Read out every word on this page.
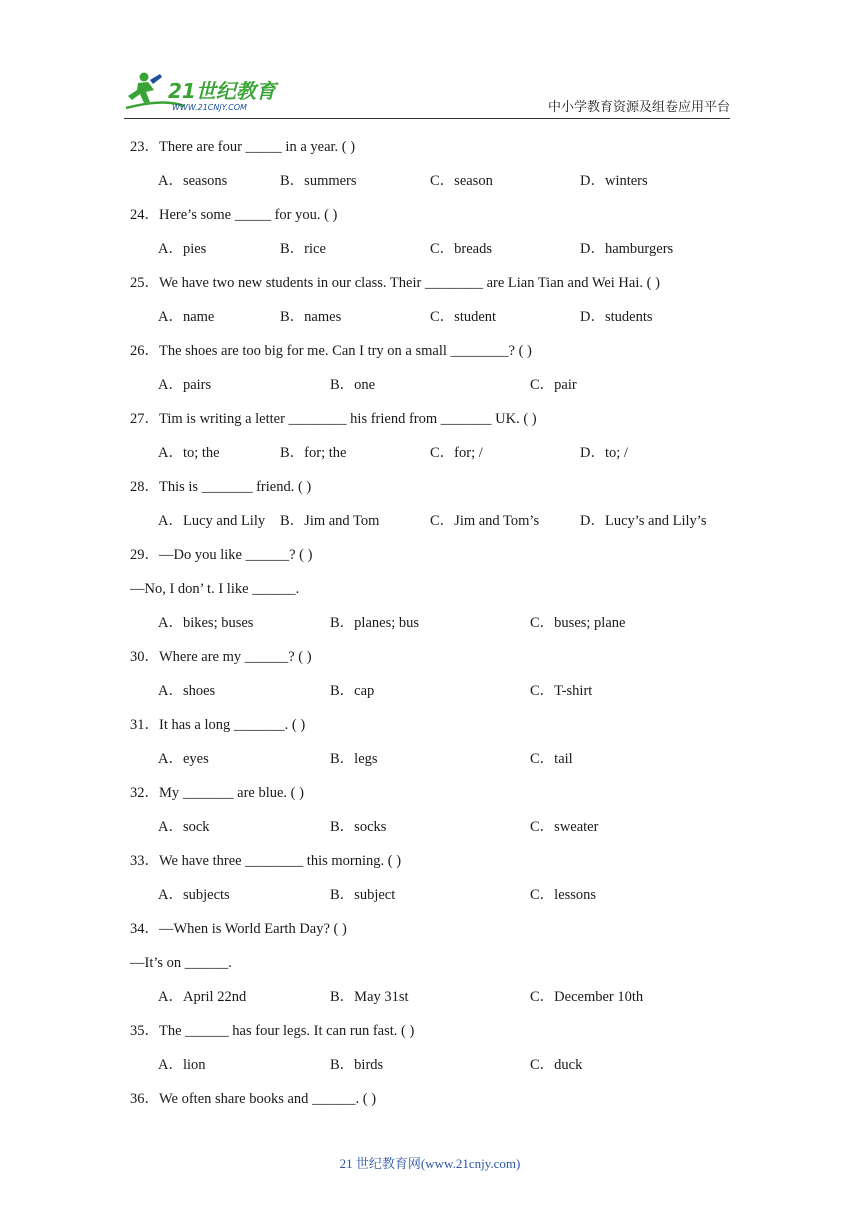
21世纪教育
WWW.21CNJY.COM	中小学教育资源及组卷应用平台
23．There are four _____ in a year. ( )
A．seasons	B．summers	C．season	D．winters
24．Here’s some _____ for you. ( )
A．pies	B．rice	C．breads	D．hamburgers
25．We have two new students in our class. Their ________ are Lian Tian and Wei Hai. ( )
A．name	B．names	C．student	D．students
26．The shoes are too big for me. Can I try on a small ________? ( )
A．pairs	B．one	C．pair
27．Tim is writing a letter ________ his friend from _______ UK. ( )
A．to; the	B．for; the	C．for; /	D．to; /
28．This is _______ friend. ( )
A．Lucy and Lily B．Jim and Tom	C．Jim and Tom’s	D．Lucy’s and Lily’s
29．—Do you like ______? ( )
—No, I don’ t. I like ______.
A．bikes; buses	B．planes; bus	C．buses; plane
30．Where are my ______? ( )
A．shoes	B．cap	C．T-shirt
31．It has a long _______. ( )
A．eyes	B．legs	C．tail
32．My _______ are blue. ( )
A．sock	B．socks	C．sweater
33．We have three ________ this morning. ( )
A．subjects	B．subject	C．lessons
34．—When is World Earth Day? ( )
—It’s on ______.
A．April 22nd	B．May 31st	C．December 10th
35．The ______ has four legs. It can run fast. ( )
A．lion	B．birds	C．duck
36．We often share books and ______. ( )
21 世纪教育网(www.21cnjy.com)
